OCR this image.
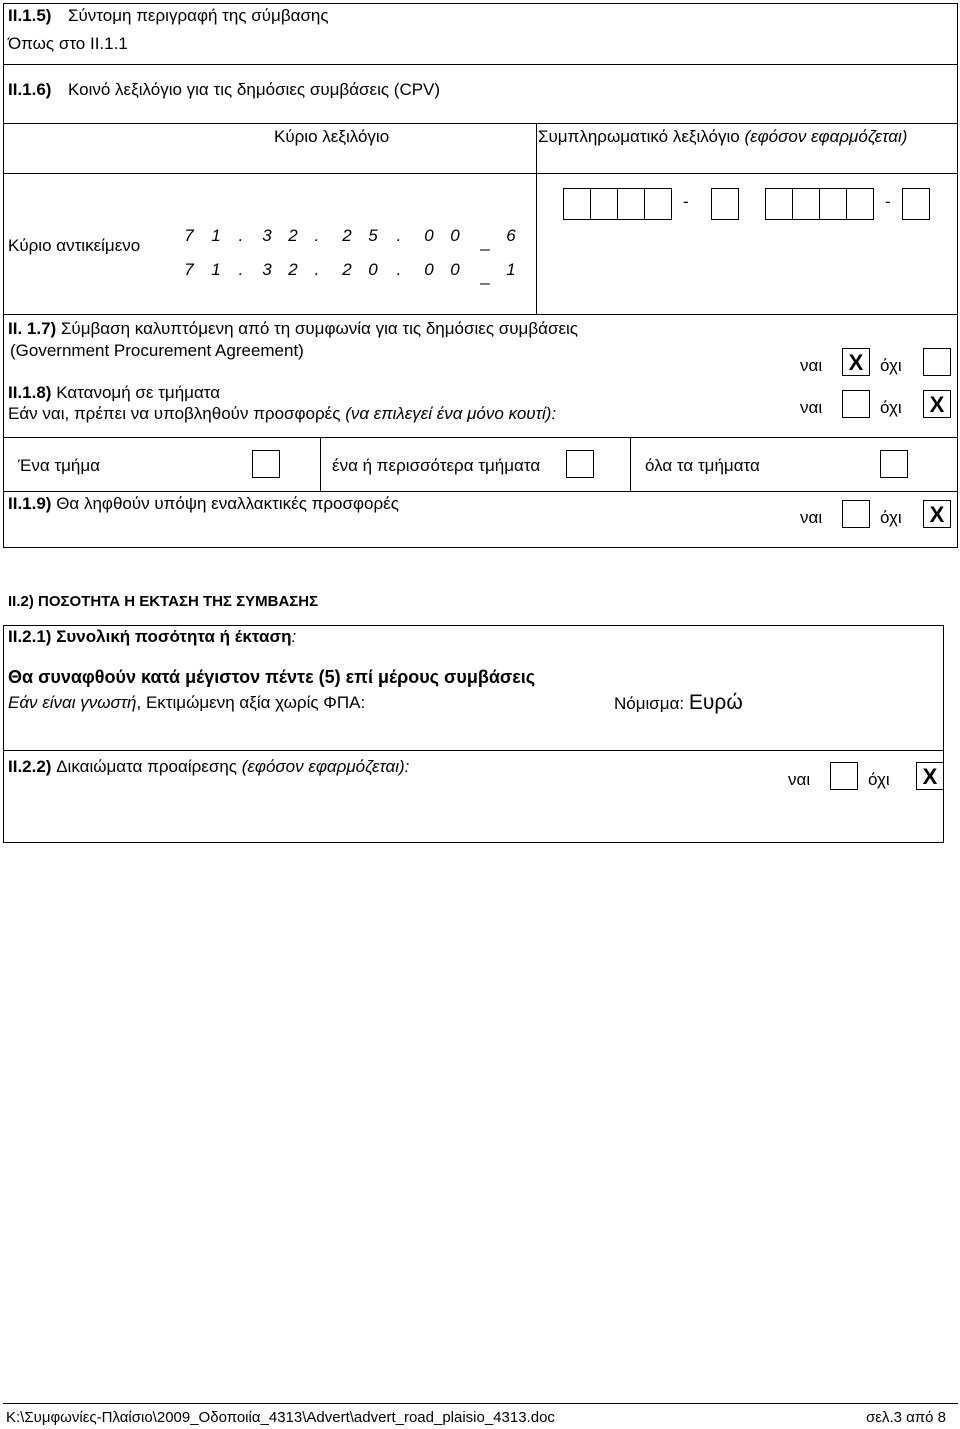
II.1.5) Σύντομη περιγραφή της σύμβασης
Όπως στο ΙΙ.1.1
II.1.6) Κοινό λεξιλόγιο για τις δημόσιες συμβάσεις (CPV)
Κύριο λεξιλόγιο	Συμπληρωματικό λεξιλόγιο (εφόσον εφαρμόζεται)
Κύριο αντικείμενο
7	1	.	3 2 .	2 5	.	0 0	_ 6
7	1	.	3 2 .	2 0	.	0 0	_ 1
-	-
II. 1.7) Σύμβαση καλυπτόμενη από τη συμφωνία για τις δημόσιες συμβάσεις
(Government Procurement Agreement)
ναι	X όχι
II.1.8) Κατανομή σε τμήματα
Εάν ναι, πρέπει να υποβληθούν προσφορές (να επιλεγεί ένα μόνο κουτί):	ναι	όχι	X
Ένα τμήμα	ένα ή περισσότερα τμήματα	όλα τα τμήματα
II.1.9) Θα ληφθούν υπόψη εναλλακτικές προσφορές
ναι	όχι	X
II.2) ΠΟΣΟΤΗΤΑ Η ΕΚΤΑΣΗ ΤΗΣ ΣΥΜΒΑΣΗΣ
II.2.1) Συνολική ποσότητα ή έκταση:
Θα συναφθούν κατά μέγιστον πέντε (5) επί μέρους συμβάσεις
Εάν είναι γνωστή, Εκτιμώμενη αξία χωρίς ΦΠΑ:	Νόμισμα: Ευρώ
II.2.2) Δικαιώματα προαίρεσης (εφόσον εφαρμόζεται):
ναι	όχι	X
K:\Συμφωνίες-Πλαίσιο\2009_Οδοποιία_4313\Advert\advert_road_plaisio_4313.doc	σελ.3 από 8
